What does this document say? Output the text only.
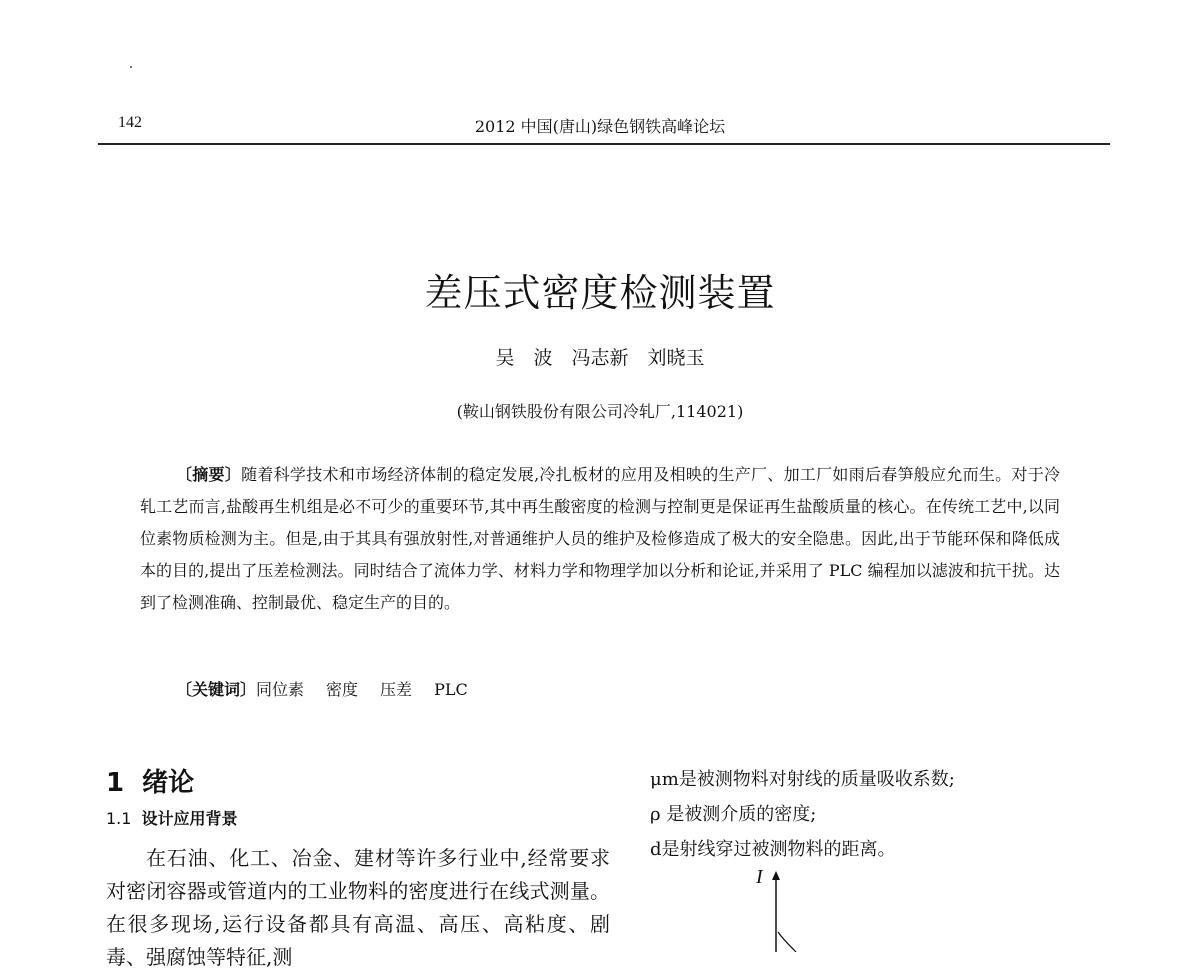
142	2012 中国(唐山)绿色钢铁高峰论坛
差压式密度检测装置
吴　波　冯志新　刘晓玉
(鞍山钢铁股份有限公司冷轧厂,114021)
〔摘要〕随着科学技术和市场经济体制的稳定发展,冷扎板材的应用及相映的生产厂、加工厂如雨后春笋般应允而生。对于冷轧工艺而言,盐酸再生机组是必不可少的重要环节,其中再生酸密度的检测与控制更是保证再生盐酸质量的核心。在传统工艺中,以同位素物质检测为主。但是,由于其具有强放射性,对普通维护人员的维护及检修造成了极大的安全隐患。因此,出于节能环保和降低成本的目的,提出了压差检测法。同时结合了流体力学、材料力学和物理学加以分析和论证,并采用了 PLC 编程加以滤波和抗干扰。达到了检测准确、控制最优、稳定生产的目的。
〔关键词〕同位素 密度 压差 PLC
1 绪论
1.1 设计应用背景

在石油、化工、冶金、建材等许多行业中,经常要求对密闭容器或管道内的工业物料的密度进行在线式测量。在很多现场,运行设备都具有高温、高压、高粘度、剧毒、强腐蚀等特征,测

μm是被测物料对射线的质量吸收系数;
ρ 是被测介质的密度;
d是射线穿过被测物料的距离。
I
